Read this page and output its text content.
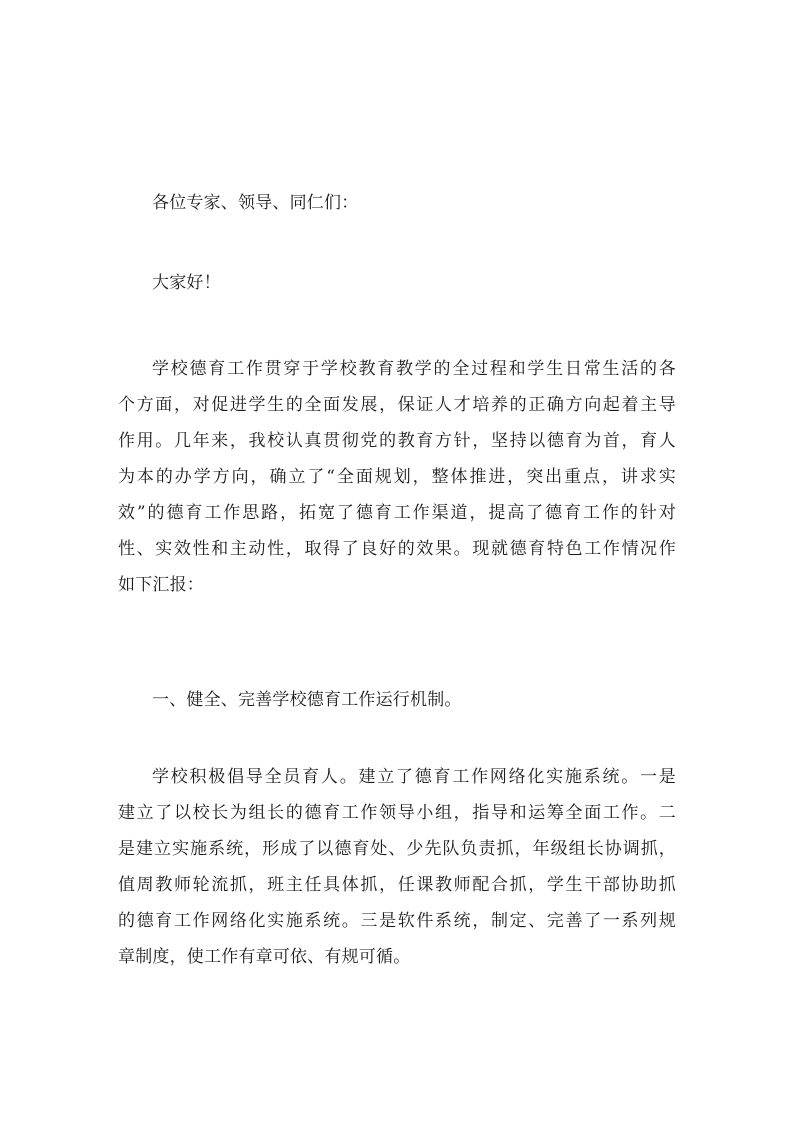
各位专家、领导、同仁们：

大家好！

学校德育工作贯穿于学校教育教学的全过程和学生日常生活的各
个方面，对促进学生的全面发展，保证人才培养的正确方向起着主导
作用。几年来，我校认真贯彻党的教育方针，坚持以德育为首，育人
为本的办学方向，确立了“全面规划，整体推进，突出重点，讲求实
效”的德育工作思路，拓宽了德育工作渠道，提高了德育工作的针对
性、实效性和主动性，取得了良好的效果。现就德育特色工作情况作
如下汇报：

一、健全、完善学校德育工作运行机制。

学校积极倡导全员育人。建立了德育工作网络化实施系统。一是
建立了以校长为组长的德育工作领导小组，指导和运筹全面工作。二
是建立实施系统，形成了以德育处、少先队负责抓，年级组长协调抓，
值周教师轮流抓，班主任具体抓，任课教师配合抓，学生干部协助抓
的德育工作网络化实施系统。三是软件系统，制定、完善了一系列规
章制度，使工作有章可依、有规可循。
